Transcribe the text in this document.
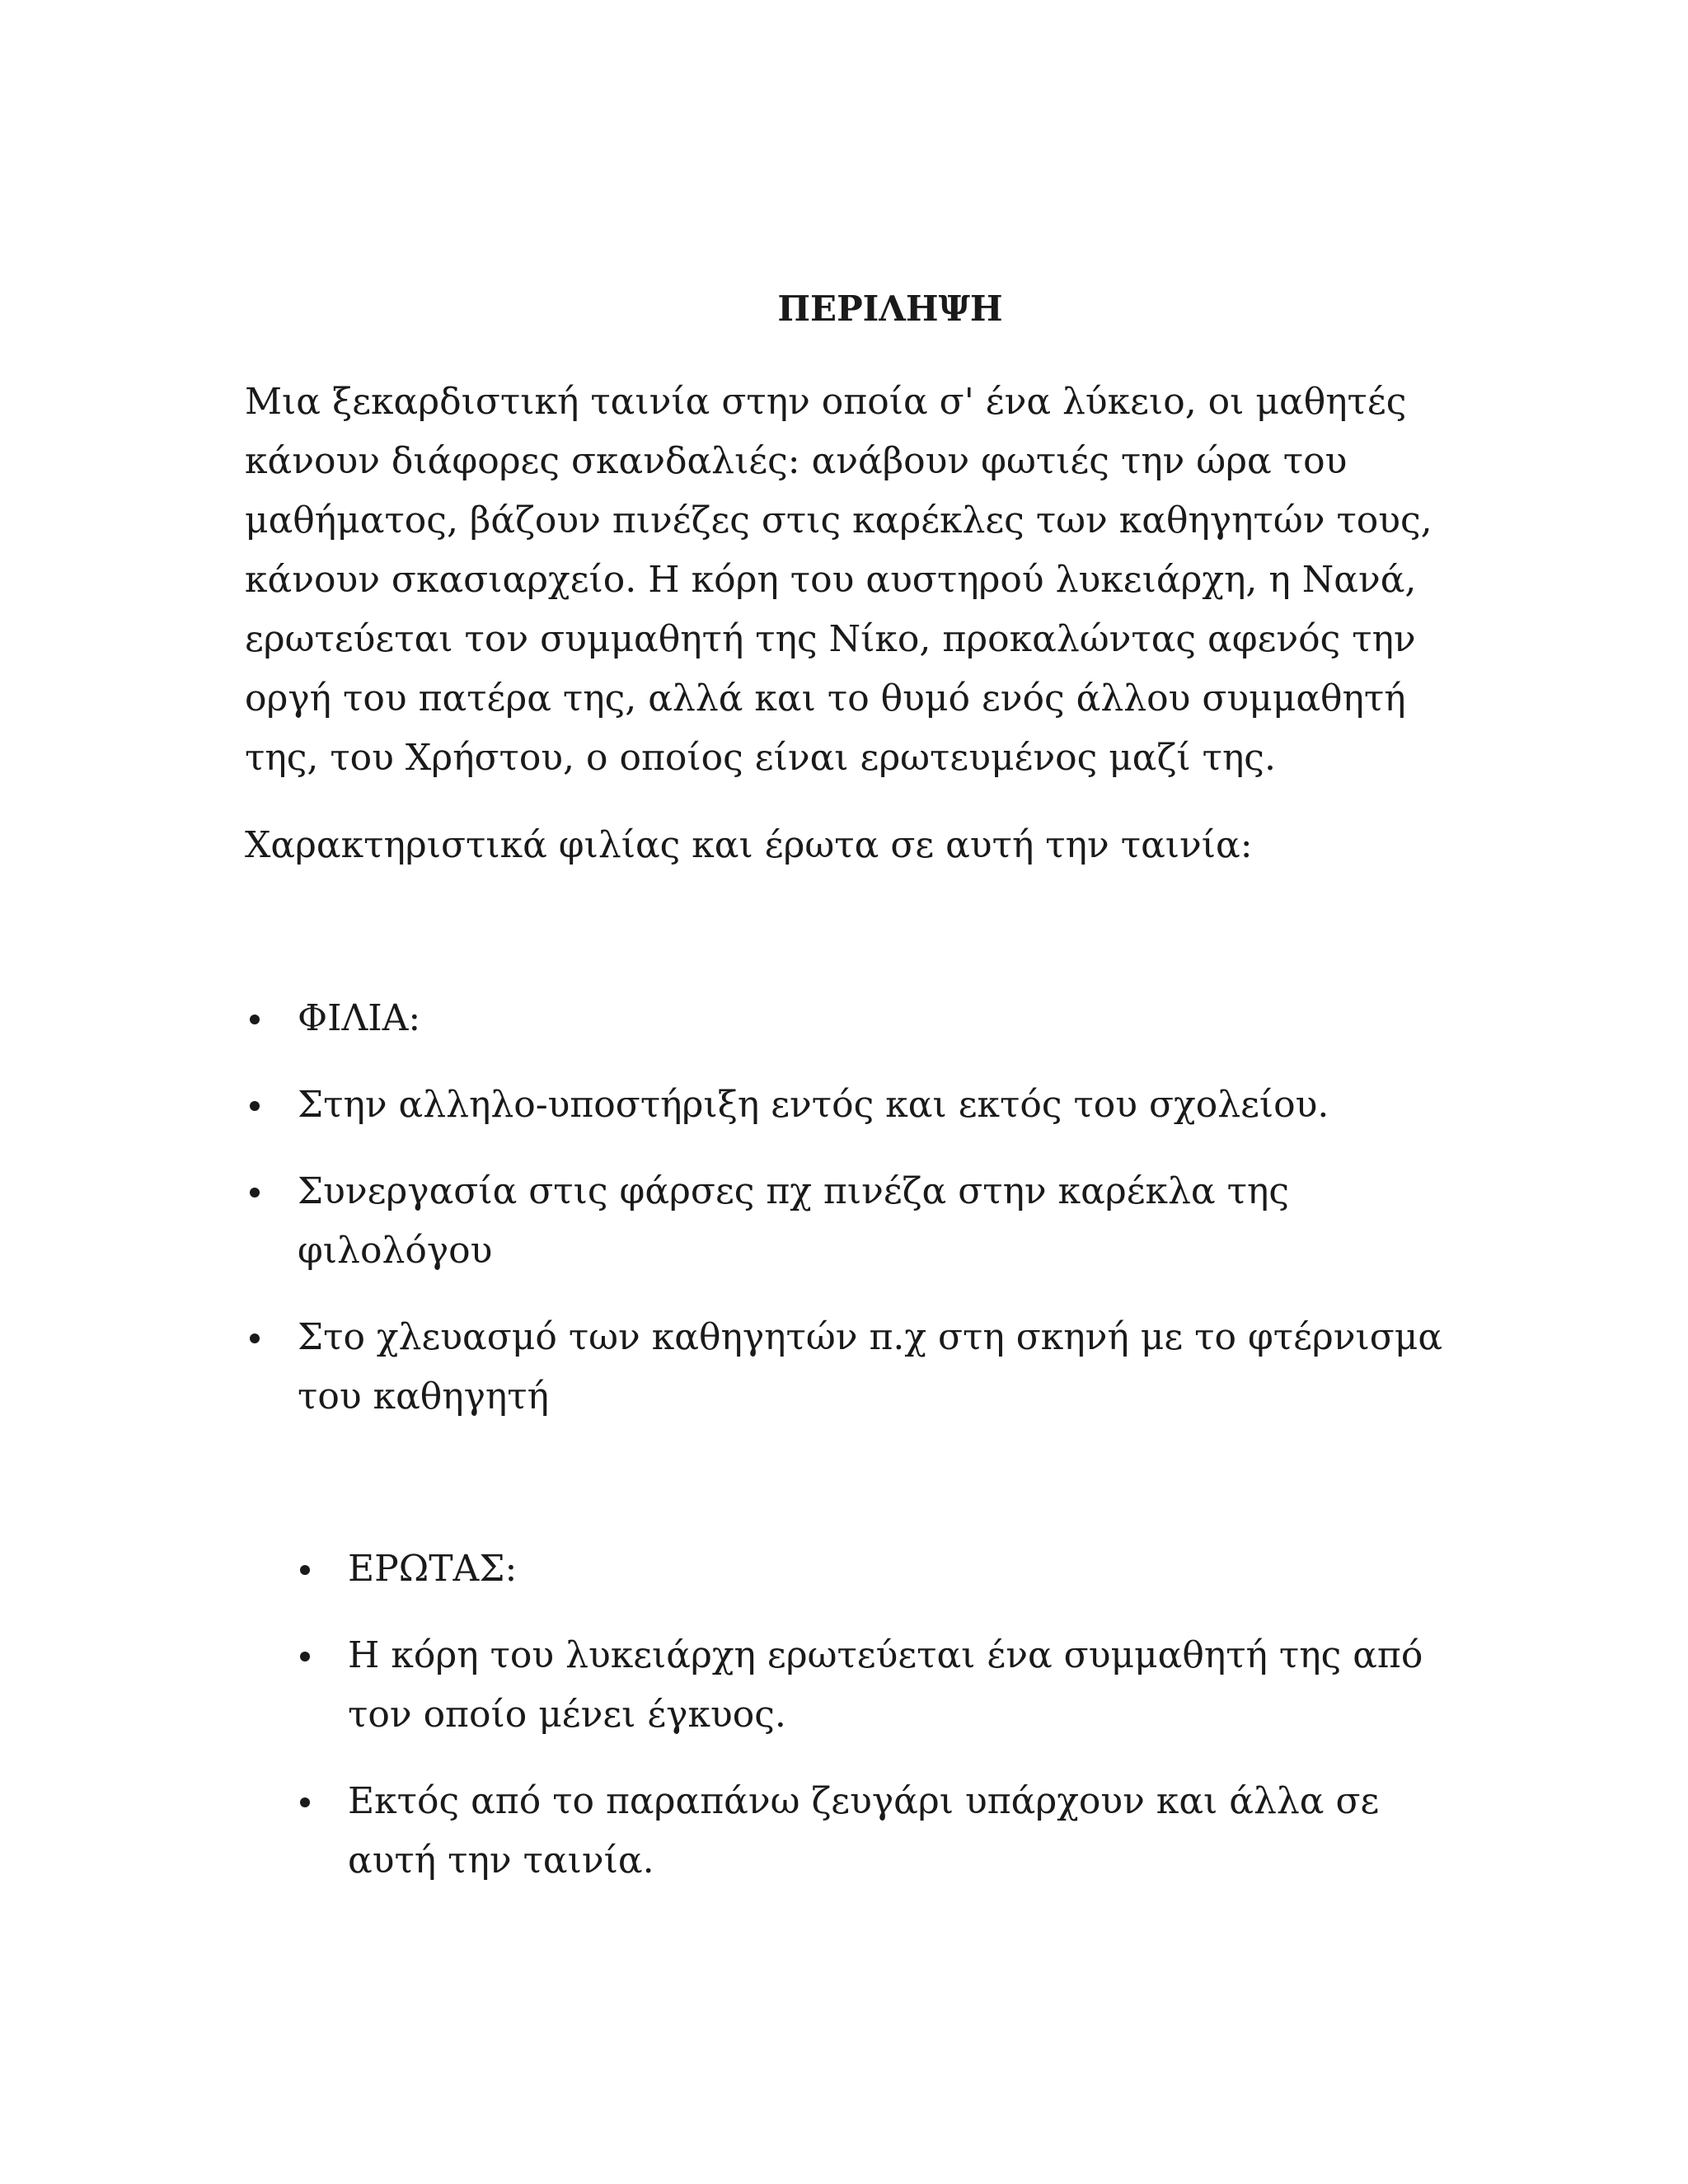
ΠΕΡΙΛΗΨΗ

Μια ξεκαρδιστική ταινία στην οποία σ' ένα λύκειο, οι μαθητές κάνουν διάφορες σκανδαλιές: ανάβουν φωτιές την ώρα του μαθήματος, βάζουν πινέζες στις καρέκλες των καθηγητών τους, κάνουν σκασιαρχείο. Η κόρη του αυστηρού λυκειάρχη, η Νανά, ερωτεύεται τον συμμαθητή της Νίκο, προκαλώντας αφενός την οργή του πατέρα της, αλλά και το θυμό ενός άλλου συμμαθητή της, του Χρήστου, ο οποίος είναι ερωτευμένος μαζί της.

Χαρακτηριστικά φιλίας και έρωτα σε αυτή την ταινία:

ΦΙΛΙΑ:
Στην αλληλο-υποστήριξη εντός και εκτός του σχολείου.
Συνεργασία στις φάρσες πχ πινέζα στην καρέκλα της φιλολόγου
Στο χλευασμό των καθηγητών π.χ στη σκηνή με το φτέρνισμα του καθηγητή
ΕΡΩΤΑΣ:
Η κόρη του λυκειάρχη ερωτεύεται ένα συμμαθητή της από τον οποίο μένει έγκυος.
Εκτός από το παραπάνω ζευγάρι υπάρχουν και άλλα σε αυτή την ταινία.
